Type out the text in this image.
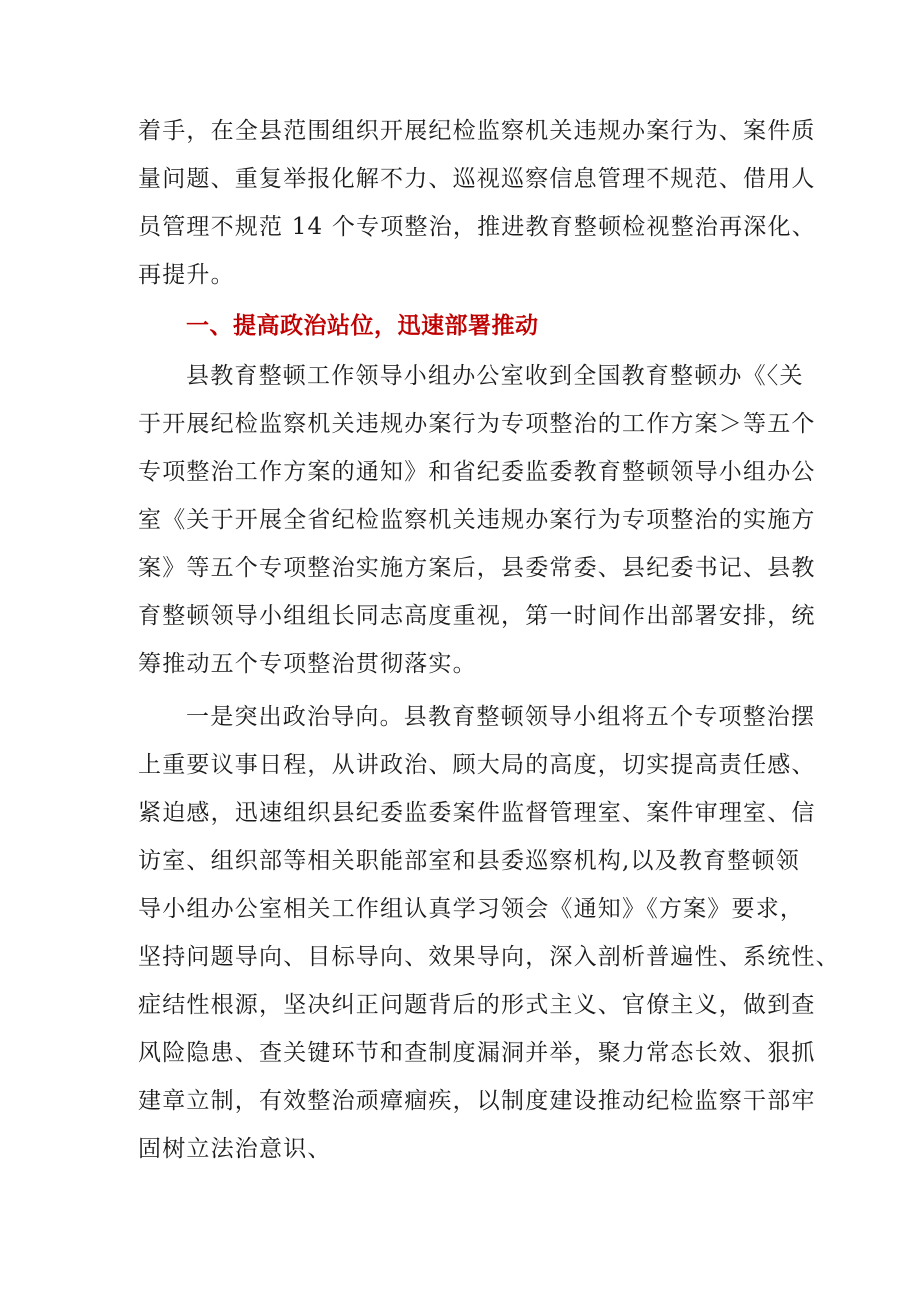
着手，在全县范围组织开展纪检监察机关违规办案行为、案件质
量问题、重复举报化解不力、巡视巡察信息管理不规范、借用人
员管理不规范 14 个专项整治，推进教育整顿检视整治再深化、
再提升。
一、提高政治站位，迅速部署推动
县教育整顿工作领导小组办公室收到全国教育整顿办《〈关
于开展纪检监察机关违规办案行为专项整治的工作方案＞等五个
专项整治工作方案的通知》和省纪委监委教育整顿领导小组办公
室《关于开展全省纪检监察机关违规办案行为专项整治的实施方
案》等五个专项整治实施方案后，县委常委、县纪委书记、县教
育整顿领导小组组长同志高度重视，第一时间作出部署安排，统
筹推动五个专项整治贯彻落实。
一是突出政治导向。县教育整顿领导小组将五个专项整治摆
上重要议事日程，从讲政治、顾大局的高度，切实提高责任感、
紧迫感，迅速组织县纪委监委案件监督管理室、案件审理室、信
访室、组织部等相关职能部室和县委巡察机构,以及教育整顿领
导小组办公室相关工作组认真学习领会《通知》《方案》要求，
坚持问题导向、目标导向、效果导向，深入剖析普遍性、系统性、
症结性根源，坚决纠正问题背后的形式主义、官僚主义，做到查
风险隐患、查关键环节和查制度漏洞并举，聚力常态长效、狠抓
建章立制，有效整治顽瘴痼疾，以制度建设推动纪检监察干部牢
固树立法治意识、
